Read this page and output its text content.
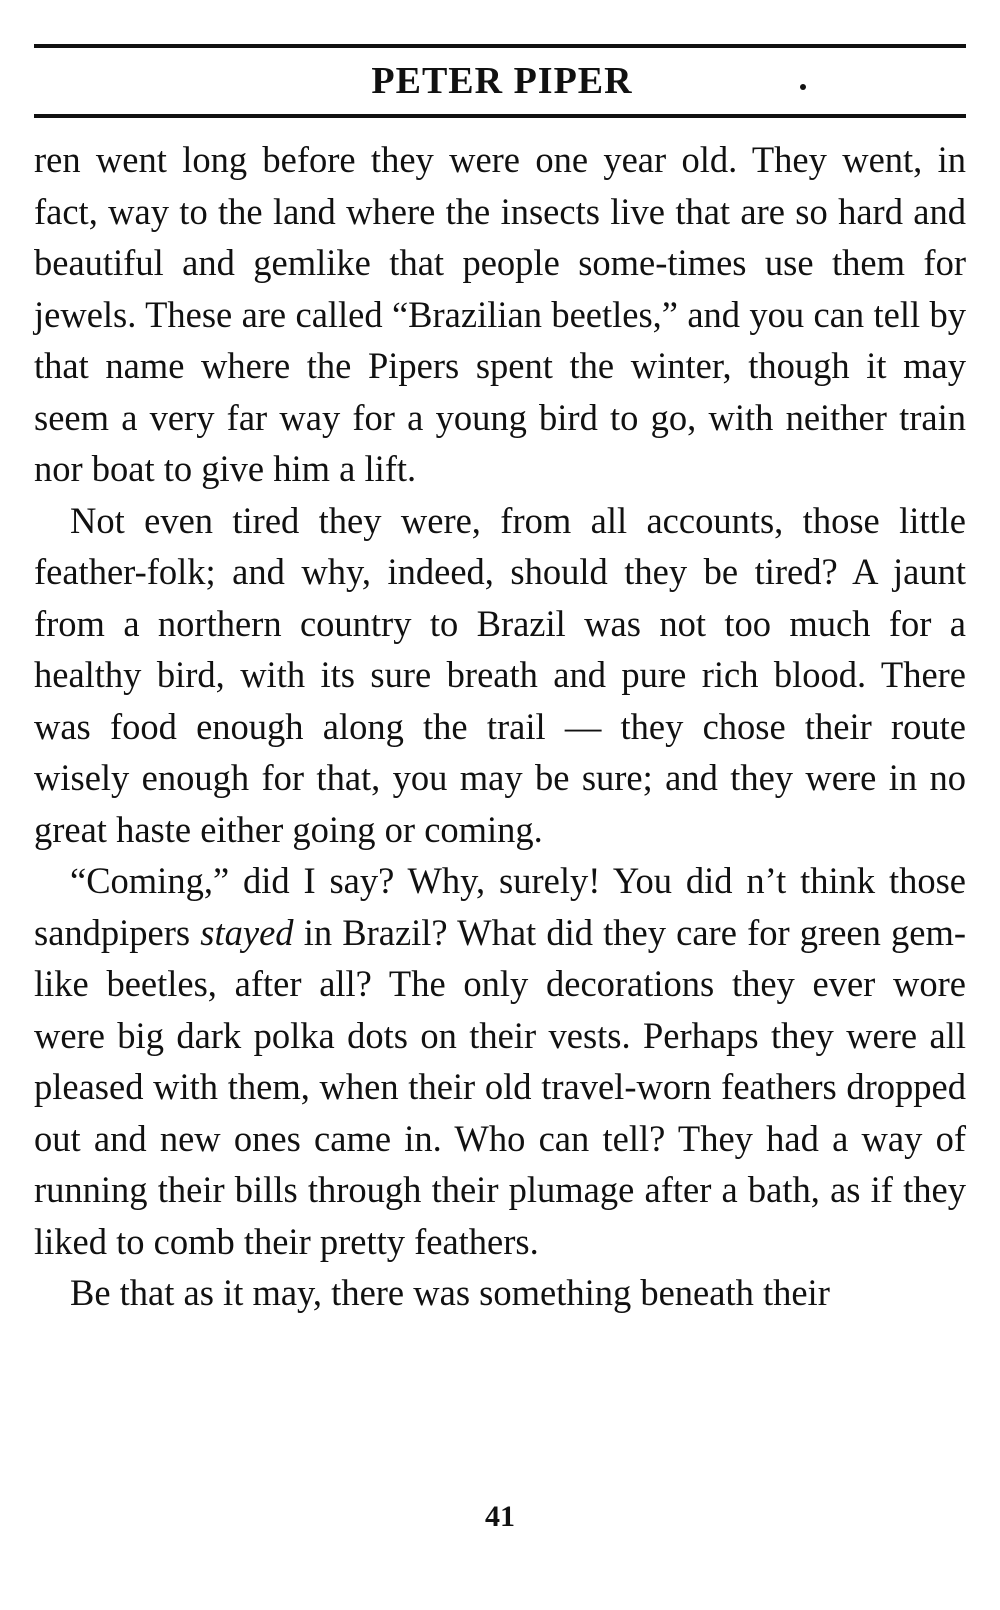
PETER PIPER

ren went long before they were one year old. They went, in fact, way to the land where the insects live that are so hard and beautiful and gemlike that people some-times use them for jewels. These are called “Brazilian beetles,” and you can tell by that name where the Pipers spent the winter, though it may seem a very far way for a young bird to go, with neither train nor boat to give him a lift.

Not even tired they were, from all accounts, those little feather-folk; and why, indeed, should they be tired? A jaunt from a northern country to Brazil was not too much for a healthy bird, with its sure breath and pure rich blood. There was food enough along the trail — they chose their route wisely enough for that, you may be sure; and they were in no great haste either going or coming.

“Coming,” did I say? Why, surely! You did n’t think those sandpipers stayed in Brazil? What did they care for green gem-like beetles, after all? The only decorations they ever wore were big dark polka dots on their vests. Perhaps they were all pleased with them, when their old travel-worn feathers dropped out and new ones came in. Who can tell? They had a way of running their bills through their plumage after a bath, as if they liked to comb their pretty feathers.

Be that as it may, there was something beneath their

41
